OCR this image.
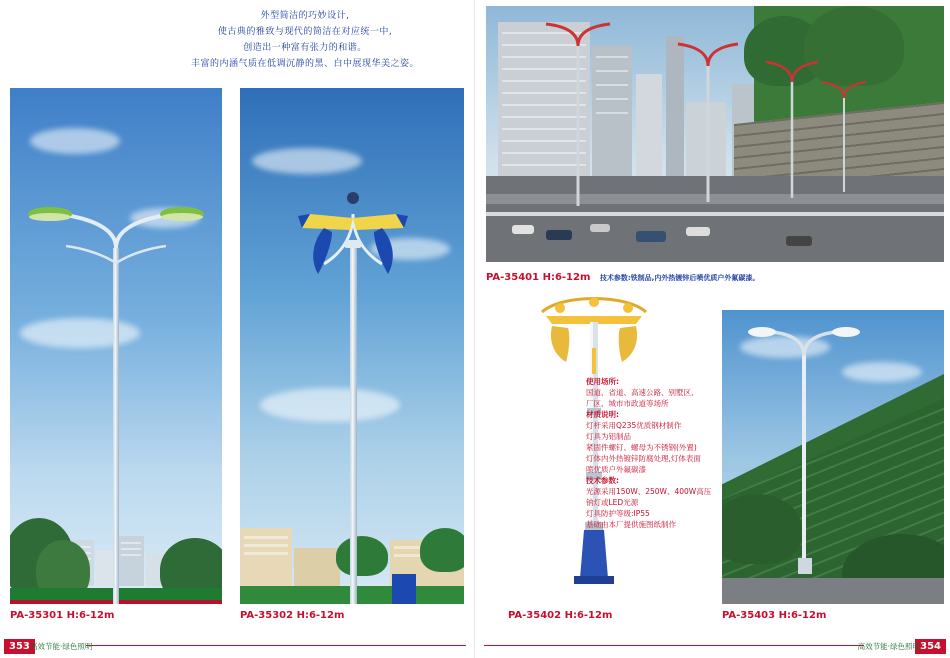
外型简洁的巧妙设计,
使古典的雅致与现代的简洁在对应统一中,
创造出一种富有张力的和谐。
丰富的内涵气质在低调沉静的黑、白中展现华美之姿。
PA-35301 H:6-12m	PA-35302 H:6-12m
PA-35401 H:6-12m 技术参数:铁制品,内外热镀锌后喷优质户外氟碳漆。
使用场所:
国道、省道、高速公路、别墅区、
厂区、城市市政道等场所
材质说明:
灯杆采用Q235优质钢材制作
灯具为铝制品
紧固件螺钉、螺母为不锈钢(外置)
灯体内外热镀锌防腐处理,灯体表面
喷优质户外氟碳漆
技术参数:
光源采用150W、250W、400W高压
钠灯或LED光源
灯具防护等级:IP55
基础由本厂提供施图纸制作
PA-35402 H:6-12m	PA-35403 H:6-12m
353 高效节能·绿色照明	354
高效节能·绿色照明
